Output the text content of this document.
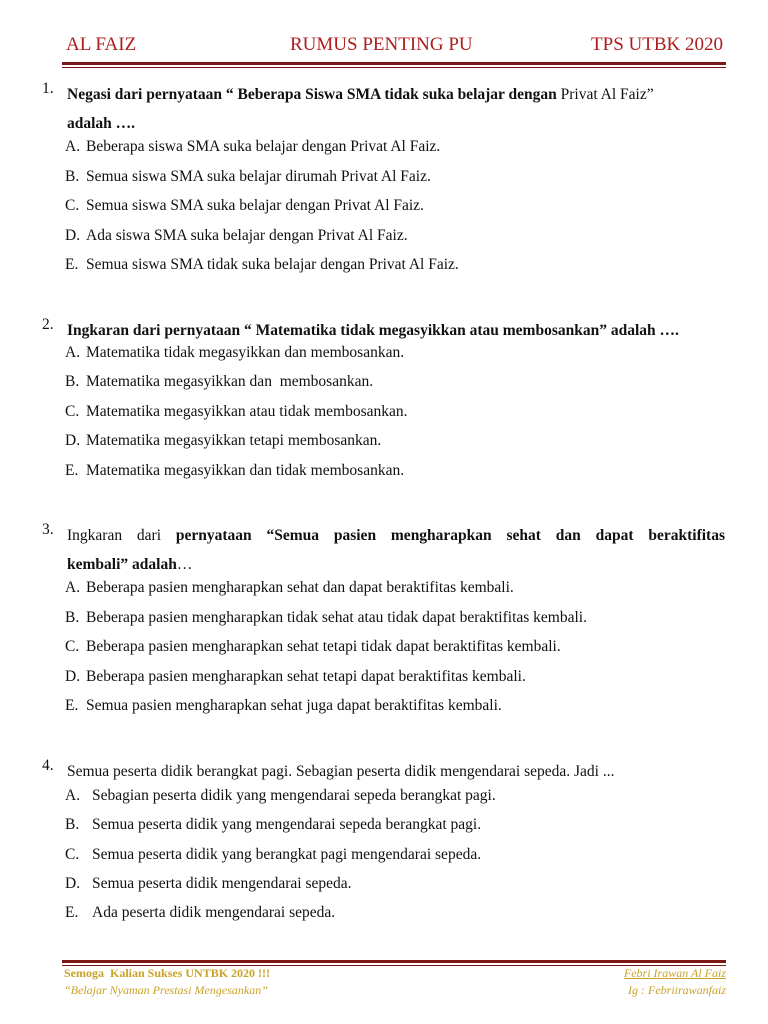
AL FAIZ	RUMUS PENTING PU	TPS UTBK 2020
1. Negasi dari pernyataan “ Beberapa Siswa SMA tidak suka belajar dengan Privat Al Faiz”
adalah ….
A. Beberapa siswa SMA suka belajar dengan Privat Al Faiz.
B. Semua siswa SMA suka belajar dirumah Privat Al Faiz.
C. Semua siswa SMA suka belajar dengan Privat Al Faiz.
D. Ada siswa SMA suka belajar dengan Privat Al Faiz.
E. Semua siswa SMA tidak suka belajar dengan Privat Al Faiz.
2. Ingkaran dari pernyataan “ Matematika tidak megasyikkan atau membosankan” adalah ….
A. Matematika tidak megasyikkan dan membosankan.
B. Matematika megasyikkan dan  membosankan.
C. Matematika megasyikkan atau tidak membosankan.
D. Matematika megasyikkan tetapi membosankan.
E. Matematika megasyikkan dan tidak membosankan.
3. Ingkaran dari pernyataan “Semua pasien mengharapkan sehat dan dapat beraktifitas
kembali” adalah…
A. Beberapa pasien mengharapkan sehat dan dapat beraktifitas kembali.
B. Beberapa pasien mengharapkan tidak sehat atau tidak dapat beraktifitas kembali.
C. Beberapa pasien mengharapkan sehat tetapi tidak dapat beraktifitas kembali.
D. Beberapa pasien mengharapkan sehat tetapi dapat beraktifitas kembali.
E. Semua pasien mengharapkan sehat juga dapat beraktifitas kembali.
4. Semua peserta didik berangkat pagi. Sebagian peserta didik mengendarai sepeda. Jadi ...
A. Sebagian peserta didik yang mengendarai sepeda berangkat pagi.
B. Semua peserta didik yang mengendarai sepeda berangkat pagi.
C. Semua peserta didik yang berangkat pagi mengendarai sepeda.
D. Semua peserta didik mengendarai sepeda.
E. Ada peserta didik mengendarai sepeda.
Semoga  Kalian Sukses UNTBK 2020 !!!
“Belajar Nyaman Prestasi Mengesankan”
Febri Irawan Al Faiz
Ig : Febriirawanfaiz
